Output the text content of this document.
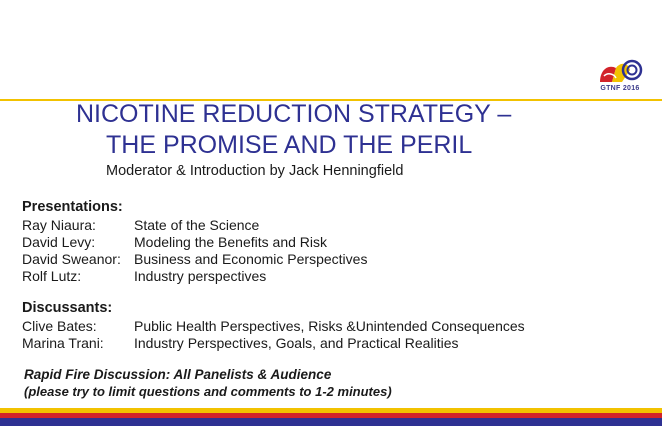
GTNF 2016
NICOTINE REDUCTION STRATEGY –
THE PROMISE AND THE PERIL
Moderator & Introduction by Jack Henningfield
Presentations:
Ray Niaura:	State of the Science
David Levy:	Modeling the Benefits and Risk
David Sweanor: Business and Economic Perspectives
Rolf Lutz:	Industry perspectives
Discussants:
Clive Bates:	Public Health Perspectives, Risks &Unintended Consequences
Marina Trani: Industry Perspectives, Goals, and Practical Realities
Rapid Fire Discussion: All Panelists & Audience
(please try to limit questions and comments to 1-2 minutes)
